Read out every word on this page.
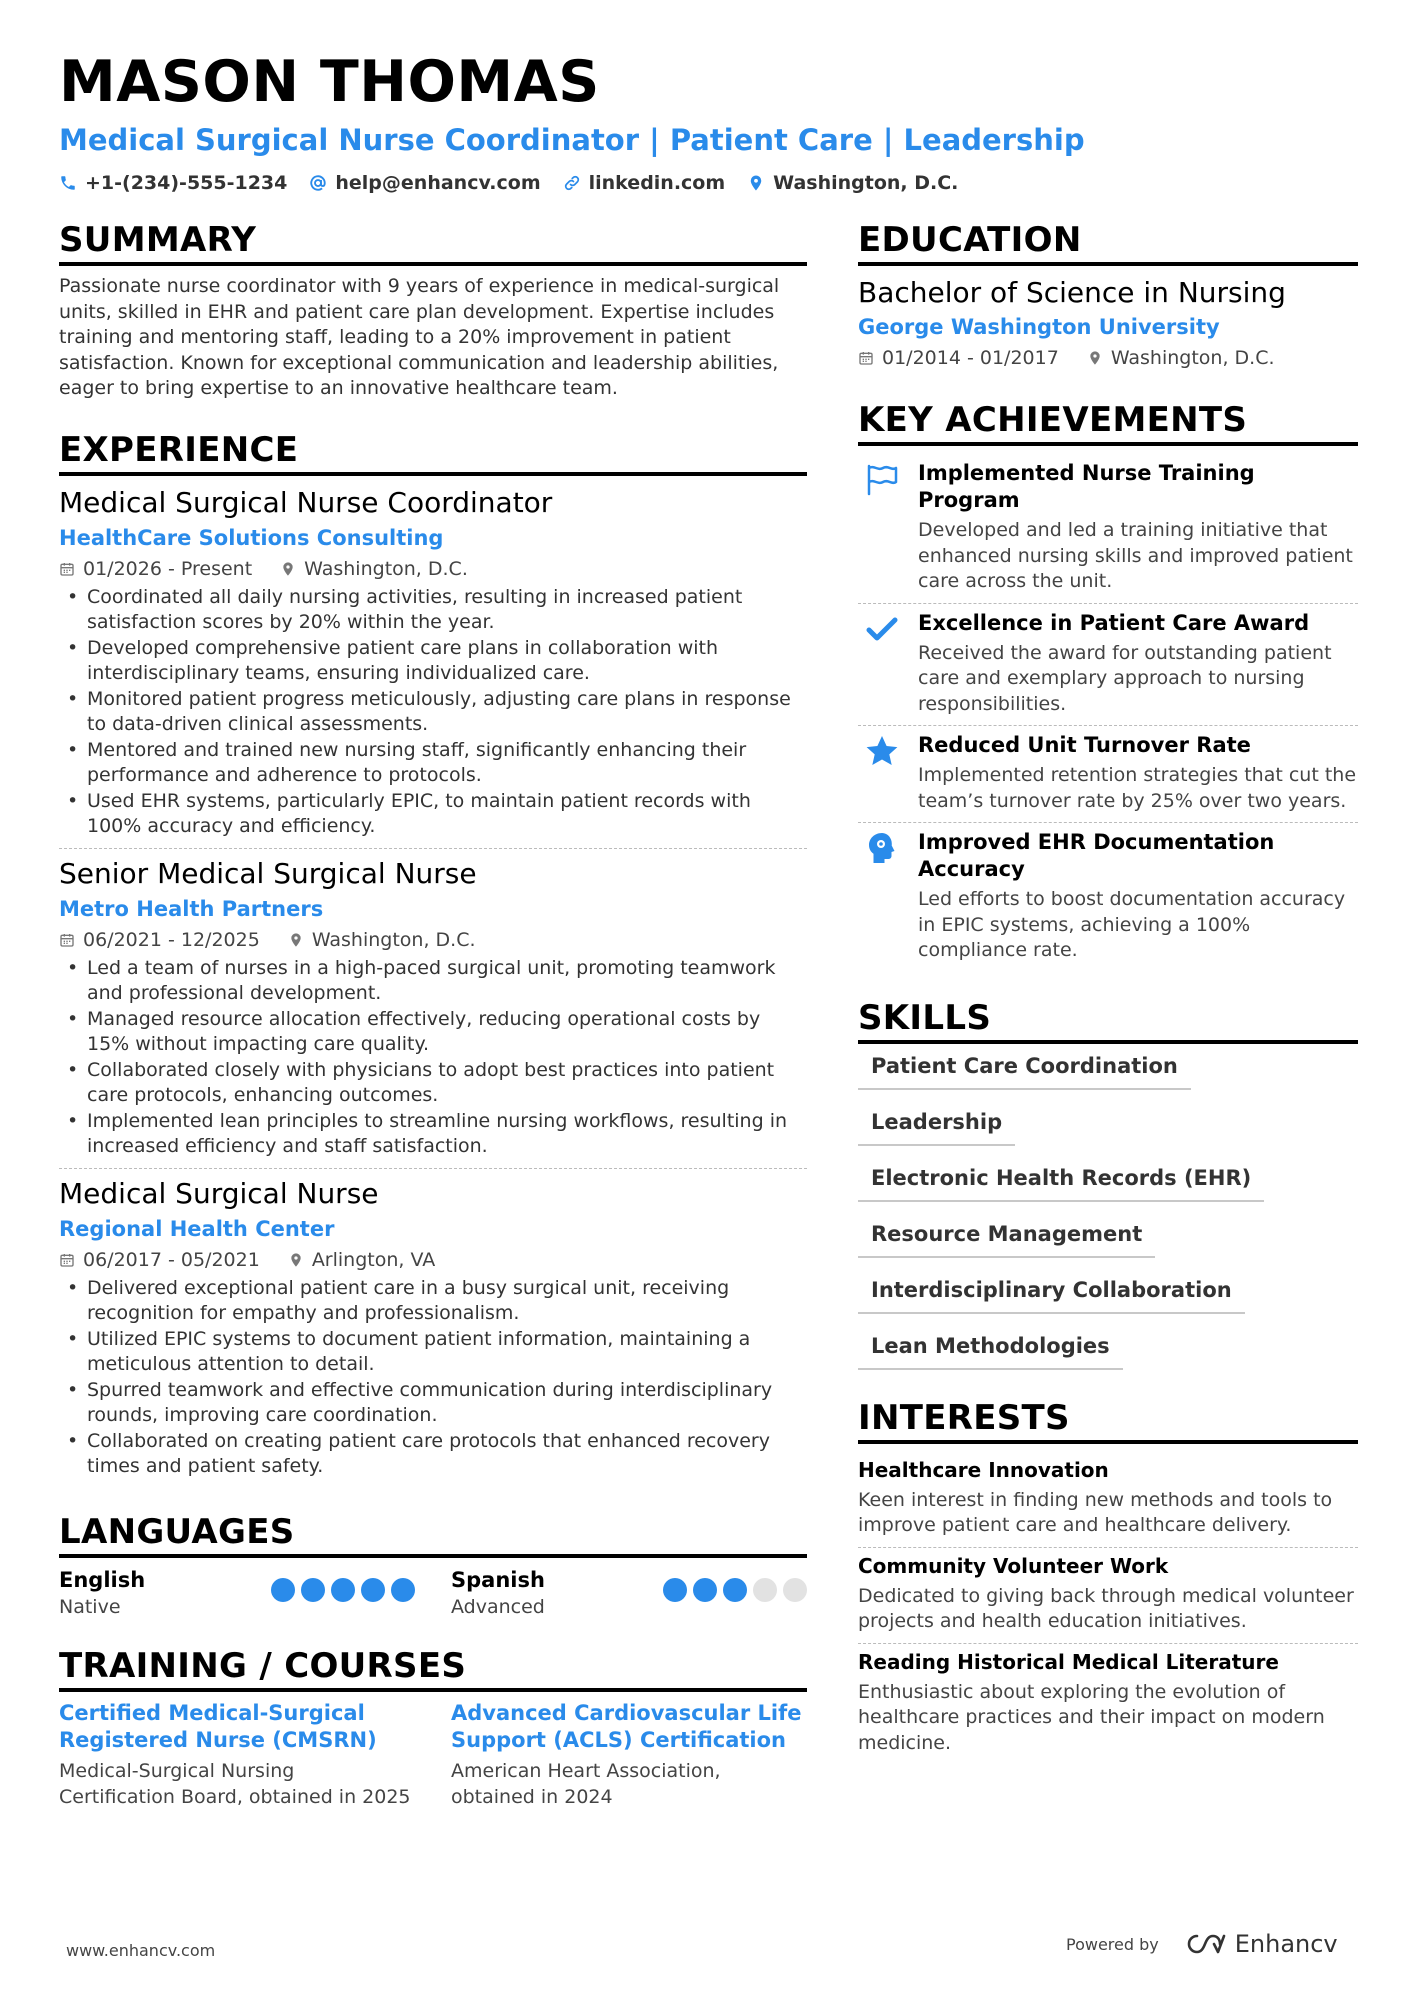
MASON THOMAS
Medical Surgical Nurse Coordinator | Patient Care | Leadership
+1-(234)-555-1234	help@enhancv.com	linkedin.com	Washington, D.C.
SUMMARY
Passionate nurse coordinator with 9 years of experience in medical-surgical units, skilled in EHR and patient care plan development. Expertise includes training and mentoring staff, leading to a 20% improvement in patient satisfaction. Known for exceptional communication and leadership abilities, eager to bring expertise to an innovative healthcare team.
EXPERIENCE
Medical Surgical Nurse Coordinator
HealthCare Solutions Consulting
01/2026 - Present	Washington, D.C.
• Coordinated all daily nursing activities, resulting in increased patient satisfaction scores by 20% within the year.
• Developed comprehensive patient care plans in collaboration with interdisciplinary teams, ensuring individualized care.
• Monitored patient progress meticulously, adjusting care plans in response to data-driven clinical assessments.
• Mentored and trained new nursing staff, significantly enhancing their performance and adherence to protocols.
• Used EHR systems, particularly EPIC, to maintain patient records with 100% accuracy and efficiency.
Senior Medical Surgical Nurse
Metro Health Partners
06/2021 - 12/2025	Washington, D.C.
• Led a team of nurses in a high-paced surgical unit, promoting teamwork and professional development.
• Managed resource allocation effectively, reducing operational costs by 15% without impacting care quality.
• Collaborated closely with physicians to adopt best practices into patient care protocols, enhancing outcomes.
• Implemented lean principles to streamline nursing workflows, resulting in increased efficiency and staff satisfaction.
Medical Surgical Nurse
Regional Health Center
06/2017 - 05/2021	Arlington, VA
• Delivered exceptional patient care in a busy surgical unit, receiving recognition for empathy and professionalism.
• Utilized EPIC systems to document patient information, maintaining a meticulous attention to detail.
• Spurred teamwork and effective communication during interdisciplinary rounds, improving care coordination.
• Collaborated on creating patient care protocols that enhanced recovery times and patient safety.
LANGUAGES
English
Native
Spanish
Advanced
TRAINING / COURSES
Certified Medical-Surgical Registered Nurse (CMSRN)
Medical-Surgical Nursing Certification Board, obtained in 2025
Advanced Cardiovascular Life Support (ACLS) Certification
American Heart Association, obtained in 2024
EDUCATION
Bachelor of Science in Nursing
George Washington University
01/2014 - 01/2017	Washington, D.C.
KEY ACHIEVEMENTS
Implemented Nurse Training Program
Developed and led a training initiative that enhanced nursing skills and improved patient care across the unit.
Excellence in Patient Care Award
Received the award for outstanding patient care and exemplary approach to nursing responsibilities.
Reduced Unit Turnover Rate
Implemented retention strategies that cut the team’s turnover rate by 25% over two years.
Improved EHR Documentation Accuracy
Led efforts to boost documentation accuracy in EPIC systems, achieving a 100% compliance rate.
SKILLS
Patient Care Coordination
Leadership
Electronic Health Records (EHR)
Resource Management
Interdisciplinary Collaboration
Lean Methodologies
INTERESTS
Healthcare Innovation
Keen interest in finding new methods and tools to improve patient care and healthcare delivery.
Community Volunteer Work
Dedicated to giving back through medical volunteer projects and health education initiatives.
Reading Historical Medical Literature
Enthusiastic about exploring the evolution of healthcare practices and their impact on modern medicine.
www.enhancv.com	Powered by	Enhancv
